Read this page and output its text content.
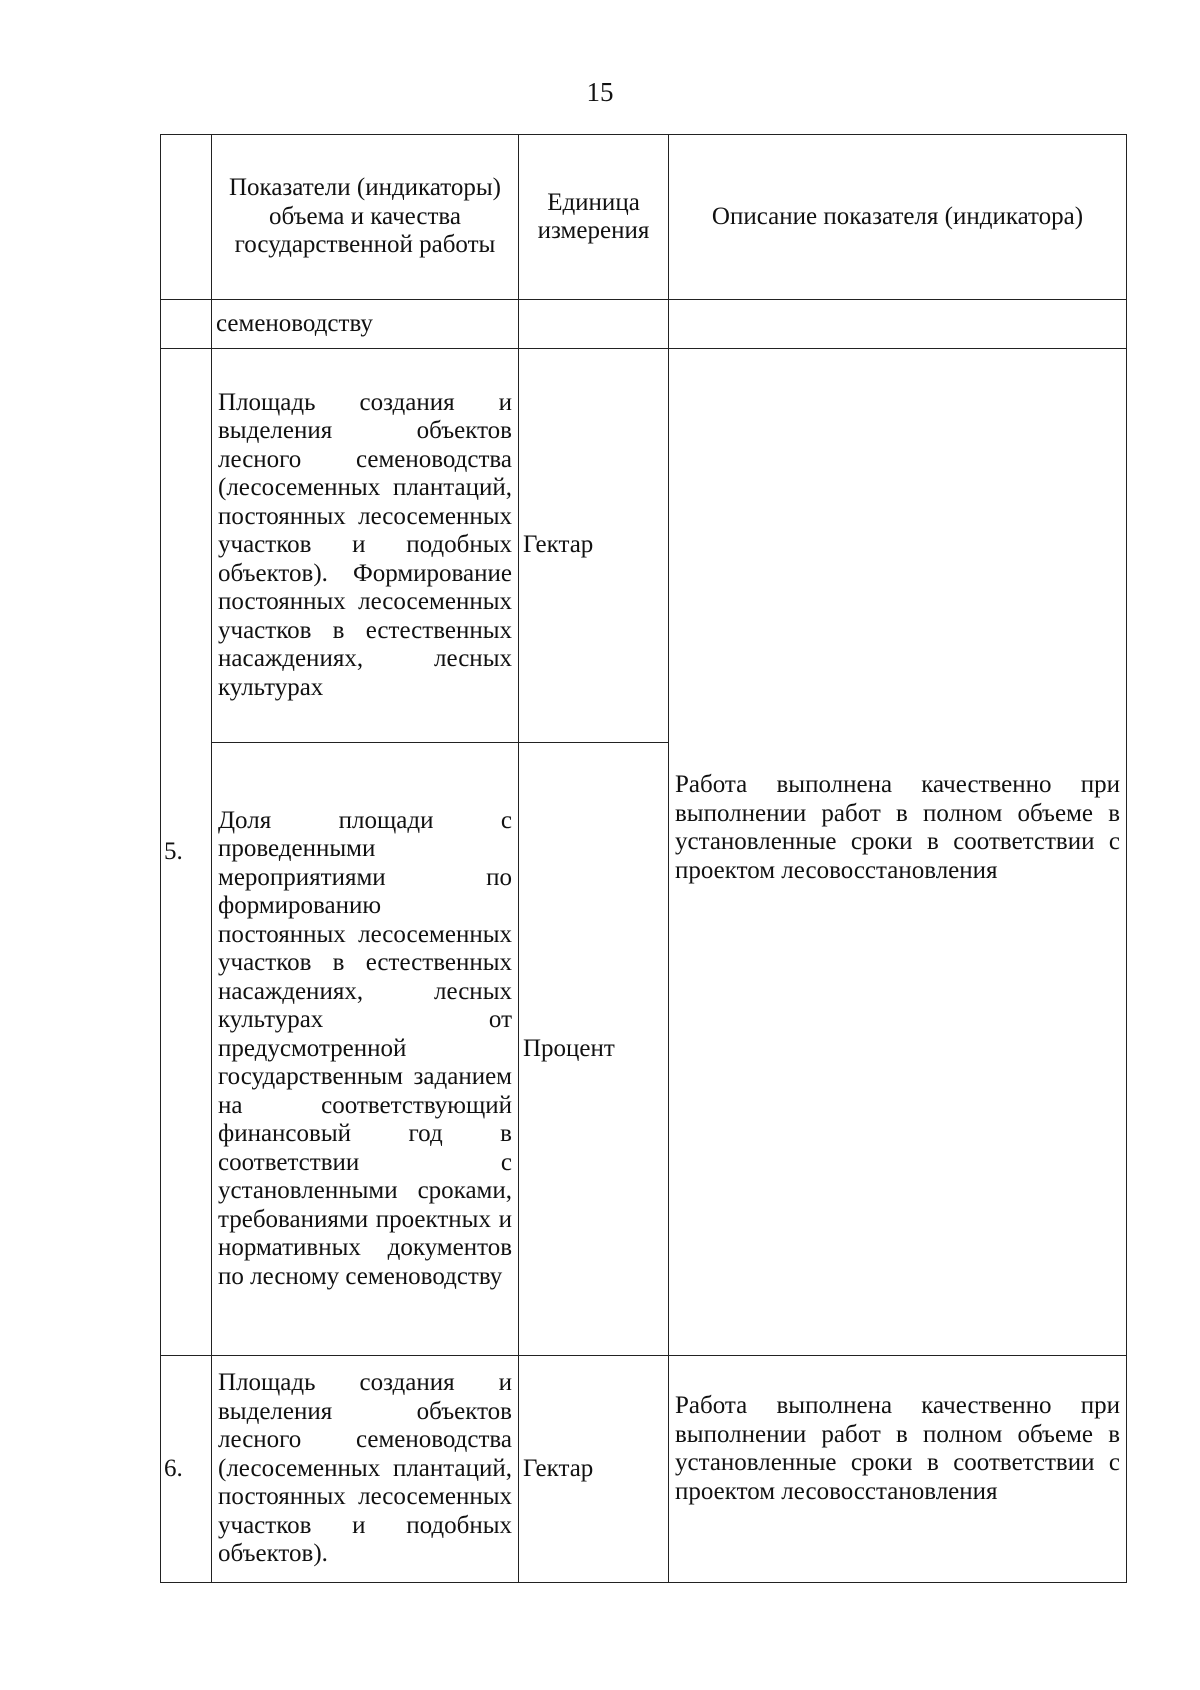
15
	Показатели (индикаторы) объема и качества государственной работы	Единица измерения	Описание показателя (индикатора)
	семеноводству		
5.	Площадь создания и выделения объектов лесного семеноводства (лесосеменных плантаций, постоянных лесосеменных участков и подобных объектов). Формирование постоянных лесосеменных участков в естественных насаждениях, лесных культурах	Гектар	Работа выполнена качественно при выполнении работ в полном объеме в установленные сроки в соответствии с проектом лесовосстановления

	Доля площади с проведенными мероприятиями по формированию постоянных лесосеменных участков в естественных насаждениях, лесных культурах от предусмотренной государственным заданием на соответствующий финансовый год в соответствии с установленными сроками, требованиями проектных и нормативных документов по лесному семеноводству	Процент	
6.	Площадь создания и выделения объектов лесного семеноводства (лесосеменных плантаций, постоянных лесосеменных участков и подобных объектов).	Гектар	Работа выполнена качественно при выполнении работ в полном объеме в установленные сроки в соответствии с проектом лесовосстановления
